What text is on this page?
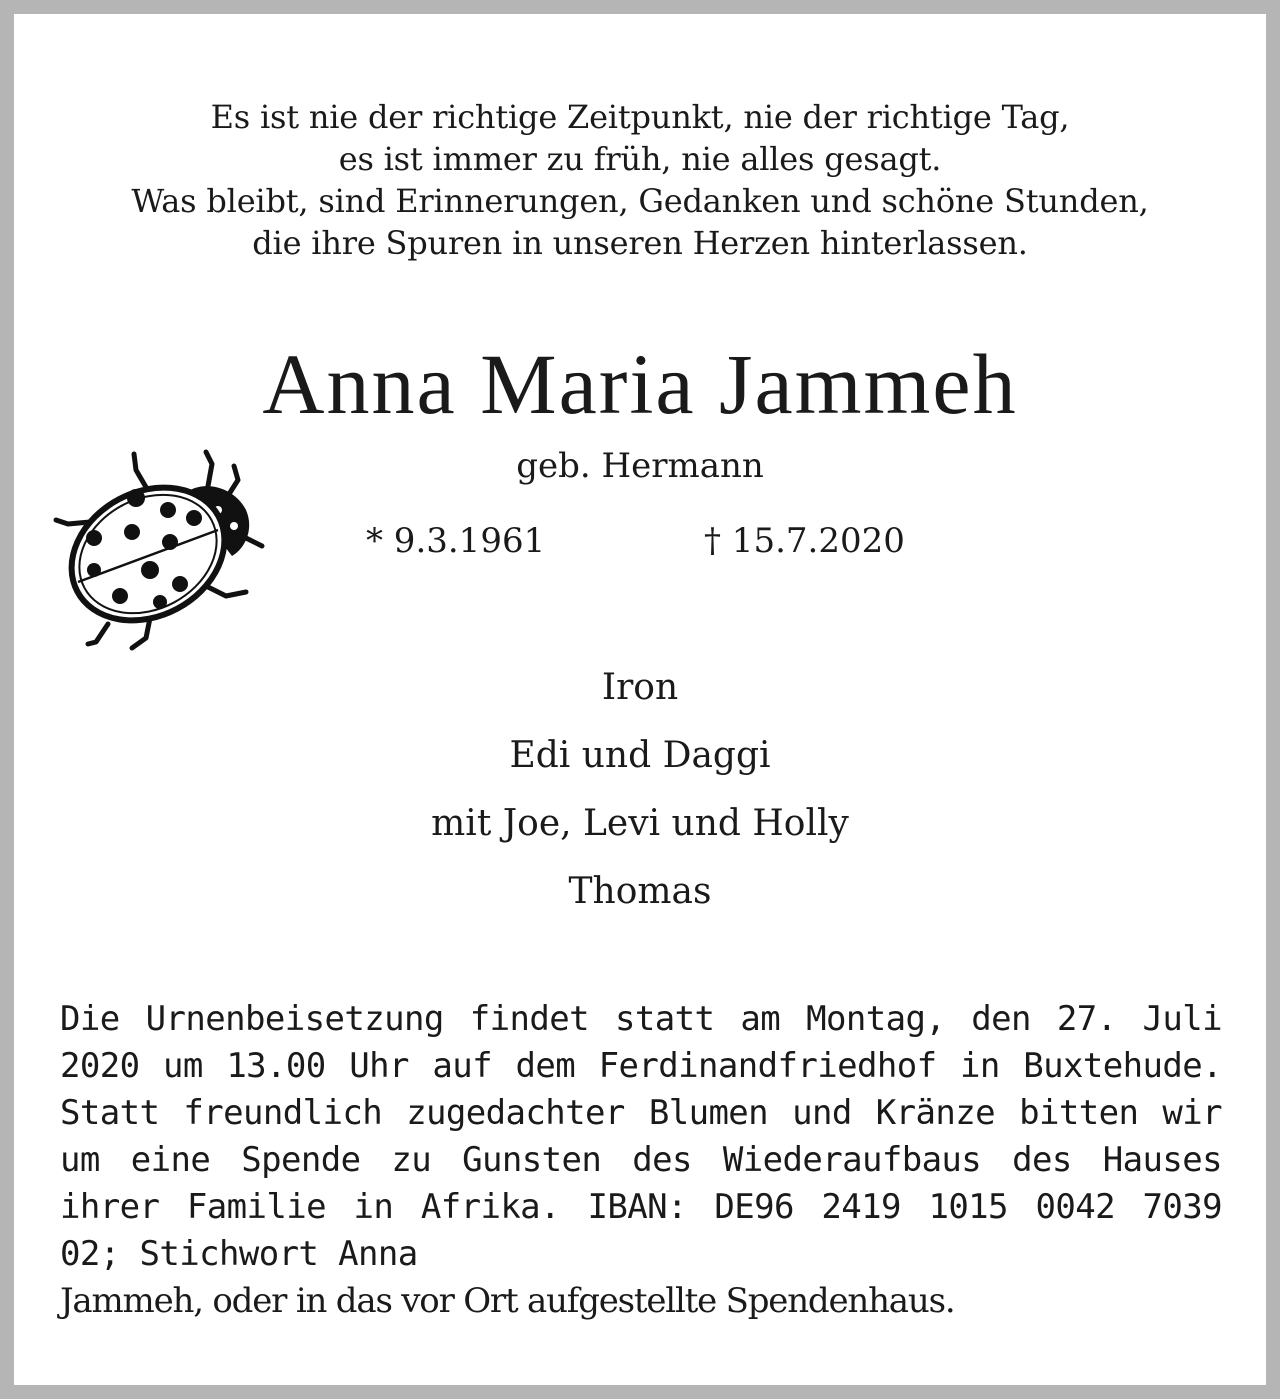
Es ist nie der richtige Zeitpunkt, nie der richtige Tag,
es ist immer zu früh, nie alles gesagt.
Was bleibt, sind Erinnerungen, Gedanken und schöne Stunden,
die ihre Spuren in unseren Herzen hinterlassen.
Anna Maria Jammeh
geb. Hermann
* 9.3.1961	† 15.7.2020
Iron
Edi und Daggi
mit Joe, Levi und Holly
Thomas
Die Urnenbeisetzung findet statt am Montag, den 27. Juli 2020 um 13.00 Uhr auf dem Ferdinandfriedhof in Buxtehude. Statt freundlich zugedachter Blumen und Kränze bitten wir um eine Spende zu Gunsten des Wiederaufbaus des Hauses ihrer Familie in Afrika. IBAN: DE96 2419 1015 0042 7039 02; Stichwort Anna
Jammeh, oder in das vor Ort aufgestellte Spendenhaus.
